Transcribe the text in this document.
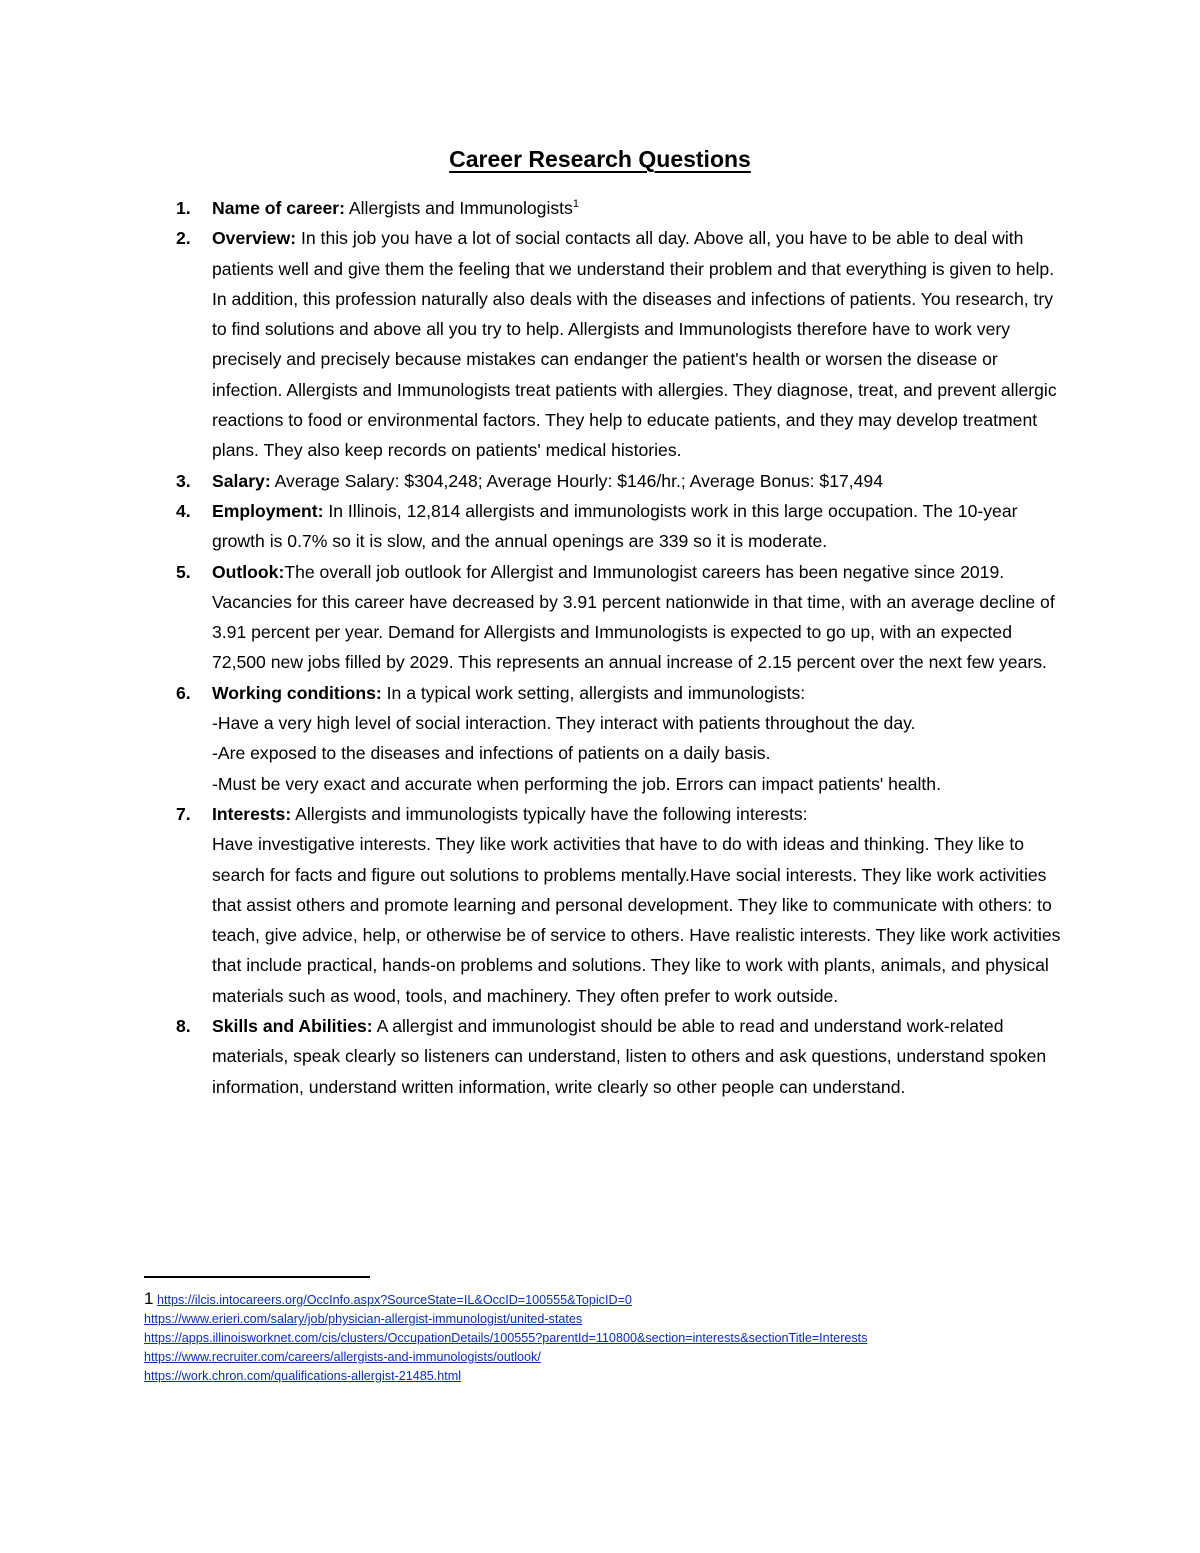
Career Research Questions
1. Name of career: Allergists and Immunologists$^1$
2. Overview: In this job you have a lot of social contacts all day. Above all, you have to be able to deal with patients well and give them the feeling that we understand their problem and that everything is given to help. In addition, this profession naturally also deals with the diseases and infections of patients. You research, try to find solutions and above all you try to help. Allergists and Immunologists therefore have to work very precisely and precisely because mistakes can endanger the patient's health or worsen the disease or infection. Allergists and Immunologists treat patients with allergies. They diagnose, treat, and prevent allergic reactions to food or environmental factors. They help to educate patients, and they may develop treatment plans. They also keep records on patients' medical histories.
3. Salary: Average Salary: $304,248; Average Hourly: $146/hr.; Average Bonus: $17,494
4. Employment: In Illinois, 12,814 allergists and immunologists work in this large occupation. The 10-year growth is 0.7% so it is slow, and the annual openings are 339 so it is moderate.
5. Outlook:The overall job outlook for Allergist and Immunologist careers has been negative since 2019. Vacancies for this career have decreased by 3.91 percent nationwide in that time, with an average decline of 3.91 percent per year. Demand for Allergists and Immunologists is expected to go up, with an expected 72,500 new jobs filled by 2029. This represents an annual increase of 2.15 percent over the next few years.
6. Working conditions: In a typical work setting, allergists and immunologists:
-Have a very high level of social interaction. They interact with patients throughout the day.
-Are exposed to the diseases and infections of patients on a daily basis.
-Must be very exact and accurate when performing the job. Errors can impact patients' health.
7. Interests: Allergists and immunologists typically have the following interests:
Have investigative interests. They like work activities that have to do with ideas and thinking. They like to search for facts and figure out solutions to problems mentally.Have social interests. They like work activities that assist others and promote learning and personal development. They like to communicate with others: to teach, give advice, help, or otherwise be of service to others. Have realistic interests. They like work activities that include practical, hands-on problems and solutions. They like to work with plants, animals, and physical materials such as wood, tools, and machinery. They often prefer to work outside.
8. Skills and Abilities: A allergist and immunologist should be able to read and understand work-related materials, speak clearly so listeners can understand, listen to others and ask questions, understand spoken information, understand written information, write clearly so other people can understand.
1 https://ilcis.intocareers.org/OccInfo.aspx?SourceState=IL&OccID=100555&TopicID=0
https://www.erieri.com/salary/job/physician-allergist-immunologist/united-states
https://apps.illinoisworknet.com/cis/clusters/OccupationDetails/100555?parentId=110800&section=interests&sectionTitle=Interests
https://www.recruiter.com/careers/allergists-and-immunologists/outlook/
https://work.chron.com/qualifications-allergist-21485.html
